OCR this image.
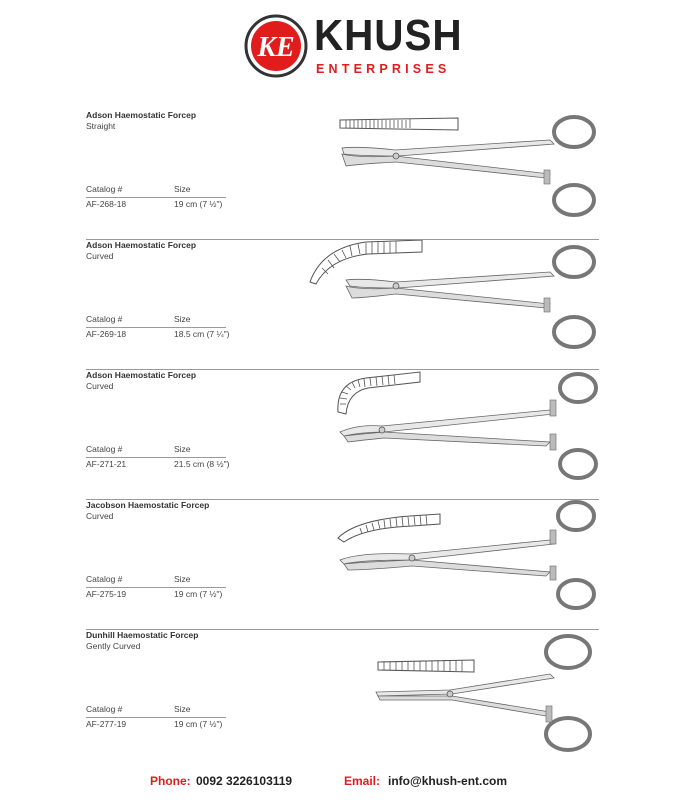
KE KHUSH
ENTERPRISES
Adson Haemostatic Forcep
Straight
Catalog #	Size
AF-268-18	19 cm (7 ½")
Adson Haemostatic Forcep
Curved
Catalog #	Size
AF-269-18	18.5 cm (7 ¼")
Adson Haemostatic Forcep
Curved
Catalog #	Size
AF-271-21	21.5 cm (8 ½")
Jacobson Haemostatic Forcep
Curved
Catalog #	Size
AF-275-19	19 cm (7 ½")
Dunhill Haemostatic Forcep
Gently Curved
Catalog #	Size
AF-277-19	19 cm (7 ½")
Phone: 0092 3226103119	Email: info@khush-ent.com
